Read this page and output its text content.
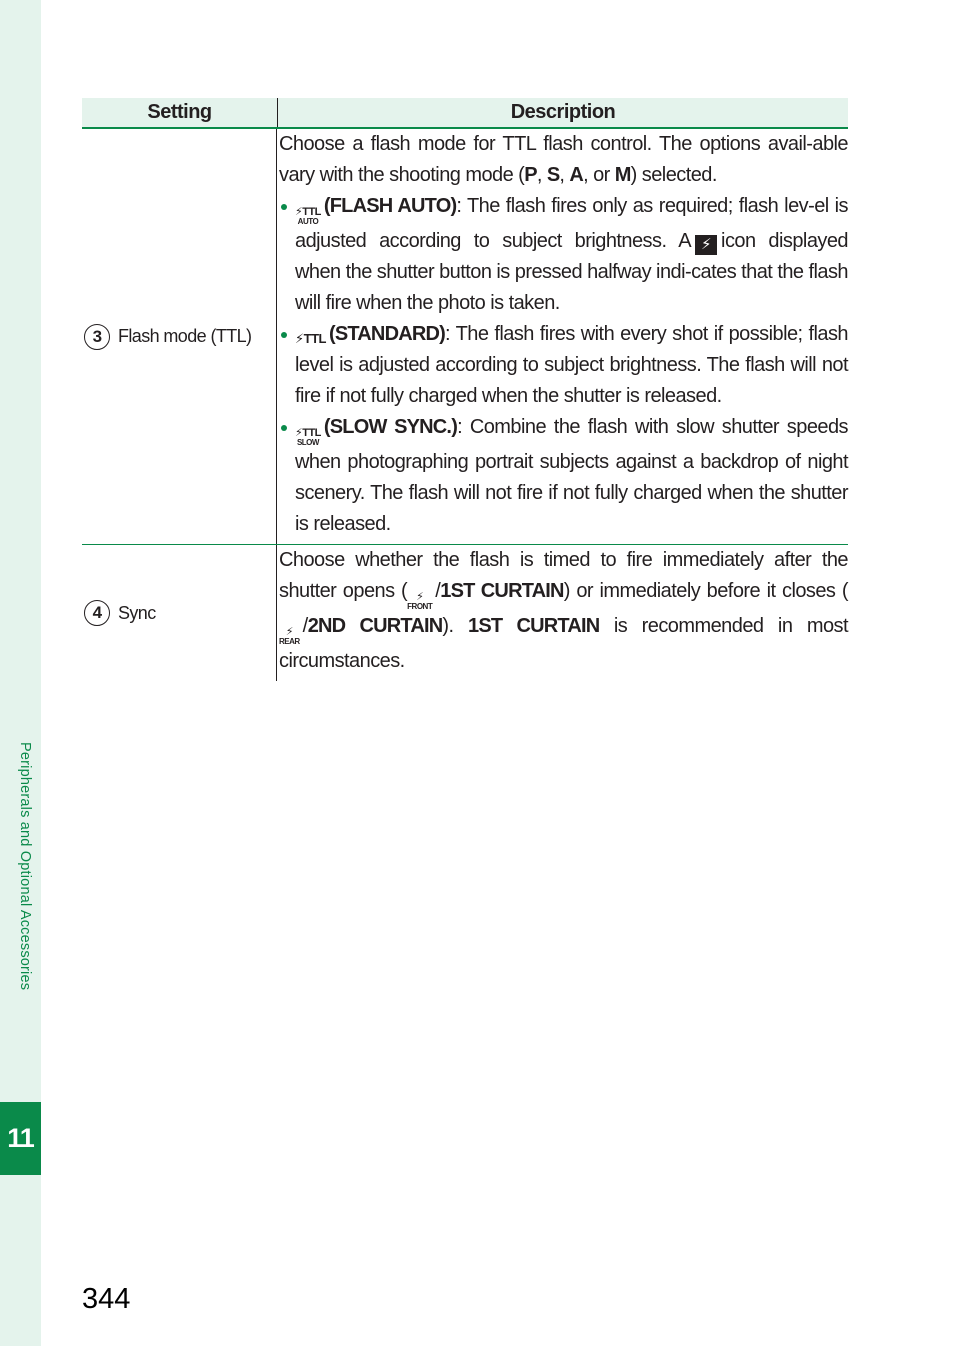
Peripherals and Optional Accessories
11
Setting	Description
3 Flash mode (TTL)

Choose a flash mode for TTL flash control. The options avail-able vary with the shooting mode (P, S, A, or M) selected.

⚡TTL
AUTO
(FLASH AUTO): The flash fires only as required; flash lev-el is adjusted according to subject brightness. A ⚡ icon displayed when the shutter button is pressed halfway indi-cates that the flash will fire when the photo is taken.
⚡TTL (STANDARD): The flash fires with every shot if possible; flash level is adjusted according to subject brightness. The flash will not fire if not fully charged when the shutter is released.
⚡TTL
SLOW
(SLOW SYNC.): Combine the flash with slow shutter speeds when photographing portrait subjects against a backdrop of night scenery. The flash will not fire if not fully charged when the shutter is released.
4 Sync

Choose whether the flash is timed to fire immediately after the shutter opens ( ⚡
FRONT
/1ST CURTAIN) or immediately before it closes (
⚡
REAR
/2ND CURTAIN). 1ST CURTAIN is recommended in most circumstances.

344
